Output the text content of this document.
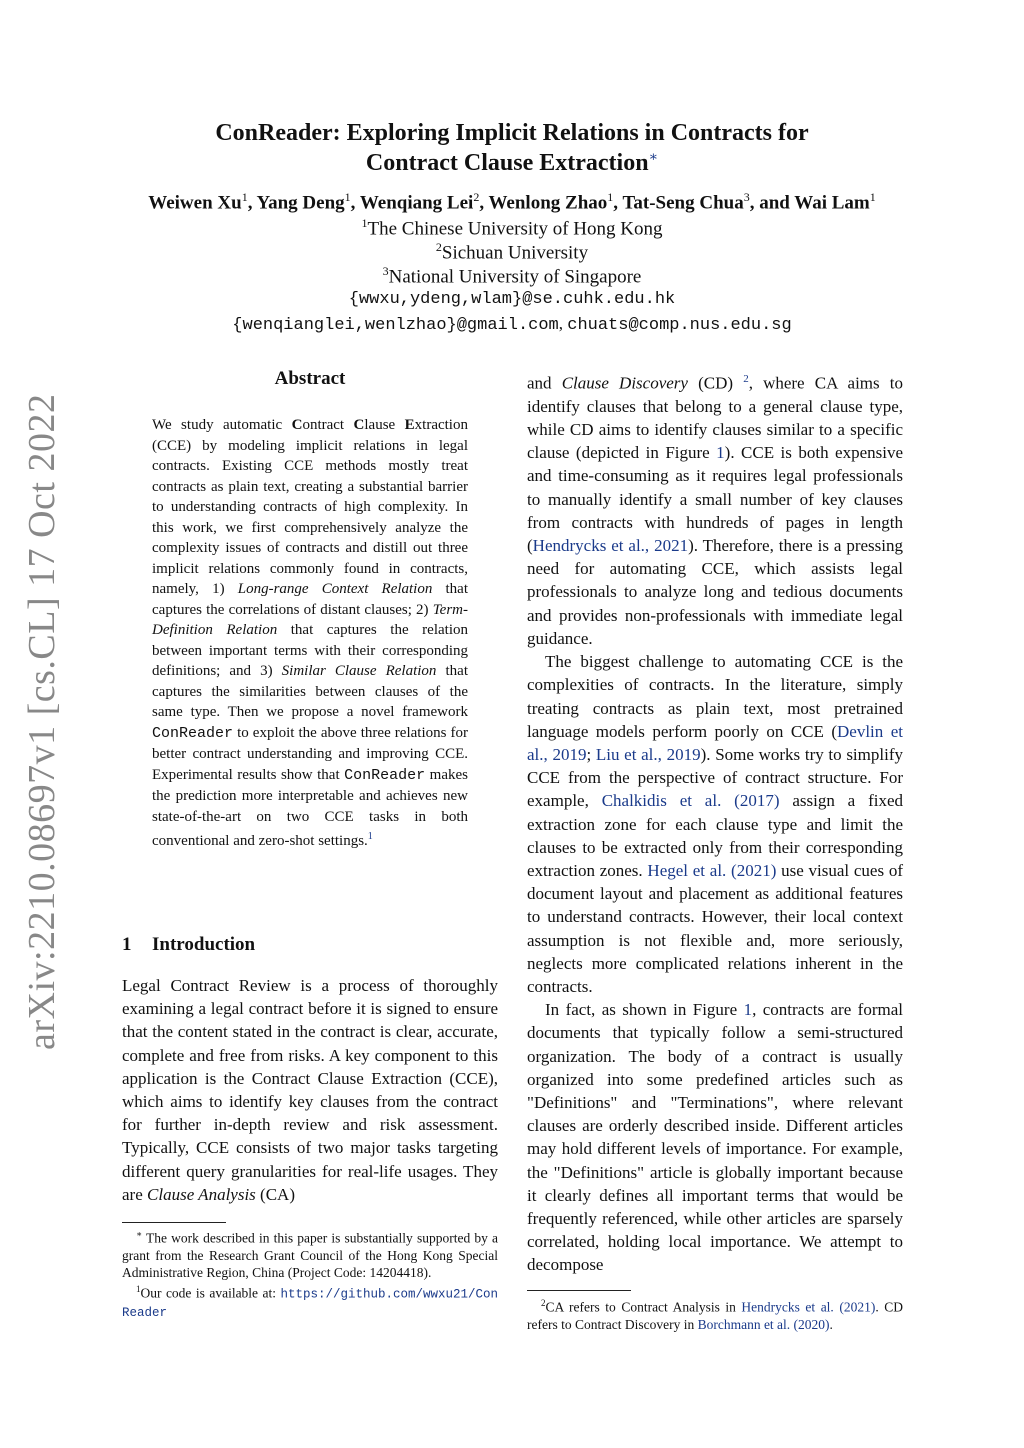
arXiv:2210.08697v1 [cs.CL] 17 Oct 2022
ConReader: Exploring Implicit Relations in Contracts for
Contract Clause Extraction∗
Weiwen Xu$^1$, Yang Deng$^1$, Wenqiang Lei$^2$, Wenlong Zhao$^1$, Tat-Seng Chua$^3$, and Wai Lam$^1$
$^1$The Chinese University of Hong Kong
$^2$Sichuan University
$^3$National University of Singapore
{wwxu,ydeng,wlam}@se.cuhk.edu.hk
{wenqianglei,wenlzhao}@gmail.com, chuats@comp.nus.edu.sg
Abstract
We study automatic Contract Clause Extraction (CCE) by modeling implicit relations in legal contracts. Existing CCE methods mostly treat contracts as plain text, creating a substantial barrier to understanding contracts of high complexity. In this work, we first comprehensively analyze the complexity issues of contracts and distill out three implicit relations commonly found in contracts, namely, 1) Long-range Context Relation that captures the correlations of distant clauses; 2) Term-Definition Relation that captures the relation between important terms with their corresponding definitions; and 3) Similar Clause Relation that captures the similarities between clauses of the same type. Then we propose a novel framework ConReader to exploit the above three relations for better contract understanding and improving CCE. Experimental results show that ConReader makes the prediction more interpretable and achieves new state-of-the-art on two CCE tasks in both conventional and zero-shot settings.$^1$
1 Introduction
Legal Contract Review is a process of thoroughly examining a legal contract before it is signed to ensure that the content stated in the contract is clear, accurate, complete and free from risks. A key component to this application is the Contract Clause Extraction (CCE), which aims to identify key clauses from the contract for further in-depth review and risk assessment. Typically, CCE consists of two major tasks targeting different query granularities for real-life usages. They are Clause Analysis (CA)
∗ The work described in this paper is substantially supported by a grant from the Research Grant Council of the Hong Kong Special Administrative Region, China (Project Code: 14204418).
$^1$Our code is available at: https://github.com/wwxu21/ConReader

and Clause Discovery (CD) $^2$, where CA aims to identify clauses that belong to a general clause type, while CD aims to identify clauses similar to a specific clause (depicted in Figure 1). CCE is both expensive and time-consuming as it requires legal professionals to manually identify a small number of key clauses from contracts with hundreds of pages in length (Hendrycks et al., 2021). Therefore, there is a pressing need for automating CCE, which assists legal professionals to analyze long and tedious documents and provides non-professionals with immediate legal guidance.

The biggest challenge to automating CCE is the complexities of contracts. In the literature, simply treating contracts as plain text, most pretrained language models perform poorly on CCE (Devlin et al., 2019; Liu et al., 2019). Some works try to simplify CCE from the perspective of contract structure. For example, Chalkidis et al. (2017) assign a fixed extraction zone for each clause type and limit the clauses to be extracted only from their corresponding extraction zones. Hegel et al. (2021) use visual cues of document layout and placement as additional features to understand contracts. However, their local context assumption is not flexible and, more seriously, neglects more complicated relations inherent in the contracts.

In fact, as shown in Figure 1, contracts are formal documents that typically follow a semi-structured organization. The body of a contract is usually organized into some predefined articles such as "Definitions" and "Terminations", where relevant clauses are orderly described inside. Different articles may hold different levels of importance. For example, the "Definitions" article is globally important because it clearly defines all important terms that would be frequently referenced, while other articles are sparsely correlated, holding local importance. We attempt to decompose

$^2$CA refers to Contract Analysis in Hendrycks et al. (2021). CD refers to Contract Discovery in Borchmann et al. (2020).
